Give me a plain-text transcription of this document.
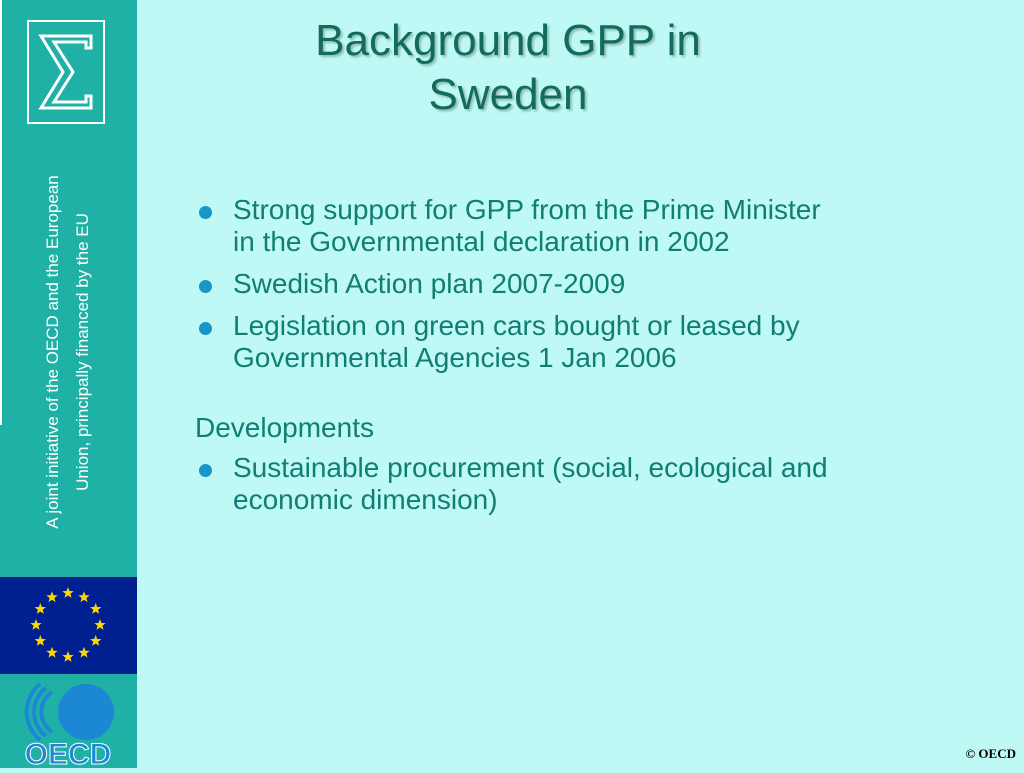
A joint initiative of the OECD and the European Union, principally financed by the EU
OECD
Background GPP in
Sweden
Strong support for GPP from the Prime Minister in the Governmental declaration in 2002
Swedish Action plan 2007-2009
Legislation on green cars bought or leased by Governmental Agencies 1 Jan 2006
Developments
Sustainable procurement (social, ecological and economic dimension)
© OECD
